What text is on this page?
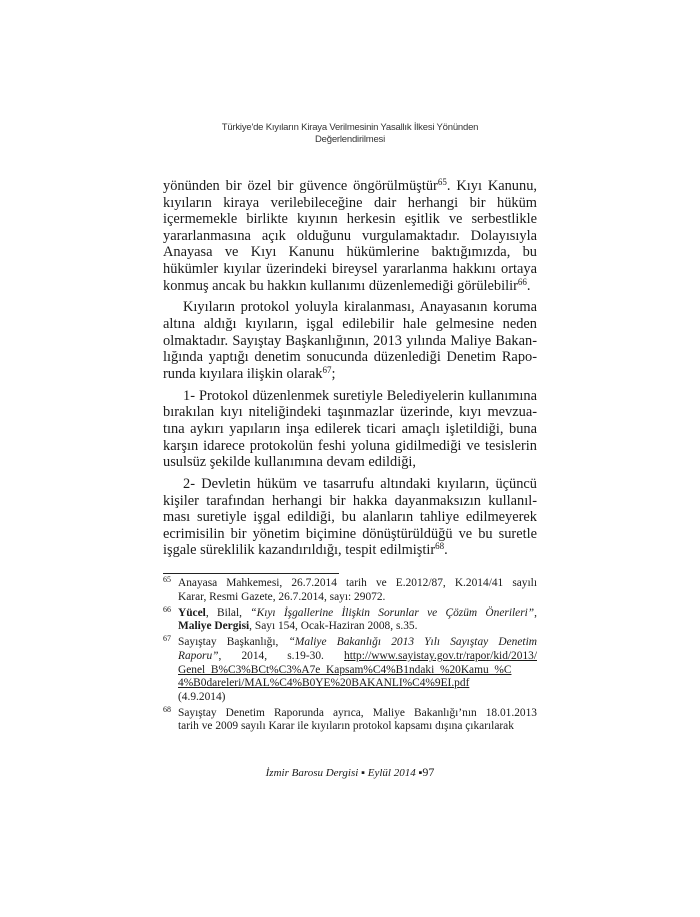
Türkiye'de Kıyıların Kiraya Verilmesinin Yasallık İlkesi Yönünden
Değerlendirilmesi
yönünden bir özel bir güvence öngörülmüştür$^{65}$. Kıyı Kanunu,
kıyıların kiraya verilebileceğine dair herhangi bir hüküm
içermemekle birlikte kıyının herkesin eşitlik ve serbestlikle
yararlanmasına açık olduğunu vurgulamaktadır. Dolayısıyla
Anayasa ve Kıyı Kanunu hükümlerine baktığımızda, bu
hükümler kıyılar üzerindeki bireysel yararlanma hakkını ortaya
konmuş ancak bu hakkın kullanımı düzenlemediği görülebilir$^{66}$.
Kıyıların protokol yoluyla kiralanması, Anayasanın koruma
altına aldığı kıyıların, işgal edilebilir hale gelmesine neden
olmaktadır. Sayıştay Başkanlığının, 2013 yılında Maliye Bakan-
lığında yaptığı denetim sonucunda düzenlediği Denetim Rapo-
runda kıyılara ilişkin olarak$^{67}$;
1- Protokol düzenlenmek suretiyle Belediyelerin kullanımına
bırakılan kıyı niteliğindeki taşınmazlar üzerinde, kıyı mevzua-
tına aykırı yapıların inşa edilerek ticari amaçlı işletildiği, buna
karşın idarece protokolün feshi yoluna gidilmediği ve tesislerin
usulsüz şekilde kullanımına devam edildiği,
2- Devletin hüküm ve tasarrufu altındaki kıyıların, üçüncü
kişiler tarafından herhangi bir hakka dayanmaksızın kullanıl-
ması suretiyle işgal edildiği, bu alanların tahliye edilmeyerek
ecrimisilin bir yönetim biçimine dönüştürüldüğü ve bu suretle
işgale süreklilik kazandırıldığı, tespit edilmiştir$^{68}$.
65 Anayasa Mahkemesi, 26.7.2014 tarih ve E.2012/87, K.2014/41 sayılı
Karar, Resmi Gazete, 26.7.2014, sayı: 29072.
66 Yücel, Bilal, “Kıyı İşgallerine İlişkin Sorunlar ve Çözüm Önerileri”,
Maliye Dergisi, Sayı 154, Ocak-Haziran 2008, s.35.
67 Sayıştay Başkanlığı, “Maliye Bakanlığı 2013 Yılı Sayıştay Denetim
Raporu”, 2014, s.19-30. http://www.sayistay.gov.tr/rapor/kid/2013/
Genel_B%C3%BCt%C3%A7e_Kapsam%C4%B1ndaki_%20Kamu_%C
4%B0dareleri/MAL%C4%B0YE%20BAKANLI%C4%9EI.pdf
(4.9.2014)
68 Sayıştay Denetim Raporunda ayrıca, Maliye Bakanlığı’nın 18.01.2013
tarih ve 2009 sayılı Karar ile kıyıların protokol kapsamı dışına çıkarılarak
İzmir Barosu Dergisi ▪ Eylül 2014 ▪97
